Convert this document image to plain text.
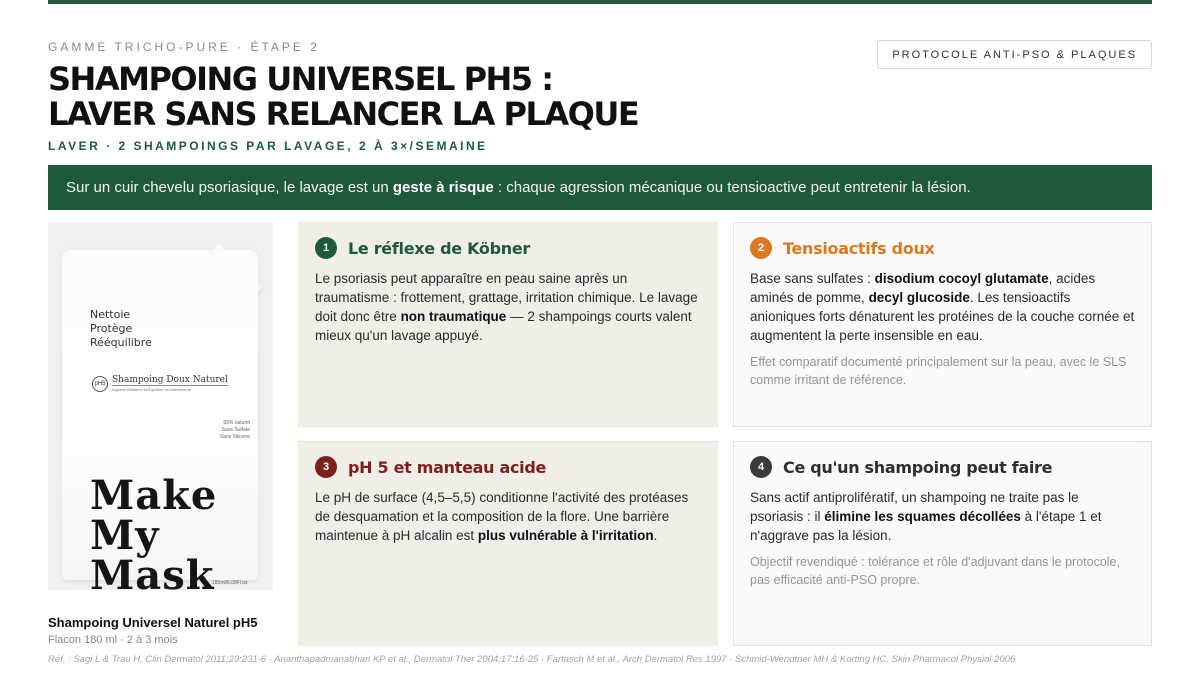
GAMME TRICHO-PURE · ÉTAPE 2
PROTOCOLE ANTI-PSO & PLAQUES
SHAMPOING UNIVERSEL PH5 :
LAVER SANS RELANCER LA PLAQUE
LAVER · 2 SHAMPOINGS PAR LAVAGE, 2 À 3×/SEMAINE
Sur un cuir chevelu psoriasique, le lavage est un geste à risque : chaque agression mécanique ou tensioactive peut entretenir la lésion.
Nettoie
Protège
Rééquilibre
pH5 Shampoing Doux Naturel
Apporte Brillance et Équilibre du Microbiome
99% naturel
Sans Sulfate
Sans Silicone
Make
My
Mask
180ml/6.08Fl.oz
Shampoing Universel Naturel pH5
Flacon 180 ml · 2 à 3 mois
1	Le réflexe de Köbner

Le psoriasis peut apparaître en peau saine après un traumatisme : frottement, grattage, irritation chimique. Le lavage doit donc être non traumatique — 2 shampoings courts valent mieux qu'un lavage appuyé.

2	Tensioactifs doux

Base sans sulfates : disodium cocoyl glutamate, acides aminés de pomme, decyl glucoside. Les tensioactifs anioniques forts dénaturent les protéines de la couche cornée et augmentent la perte insensible en eau.

Effet comparatif documenté principalement sur la peau, avec le SLS comme irritant de référence.

3	pH 5 et manteau acide

Le pH de surface (4,5–5,5) conditionne l'activité des protéases de desquamation et la composition de la flore. Une barrière maintenue à pH alcalin est plus vulnérable à l'irritation.

4	Ce qu'un shampoing peut faire

Sans actif antiprolifératif, un shampoing ne traite pas le psoriasis : il élimine les squames décollées à l'étape 1 et n'aggrave pas la lésion.

Objectif revendiqué : tolérance et rôle d'adjuvant dans le protocole, pas efficacité anti-PSO propre.

Réf. : Sagi L & Trau H, Clin Dermatol 2011;29:231-6 · Ananthapadmanabhan KP et al., Dermatol Ther 2004;17:16-25 · Fartasch M et al., Arch Dermatol Res 1997 · Schmid-Wendtner MH & Korting HC, Skin Pharmacol Physiol 2006
